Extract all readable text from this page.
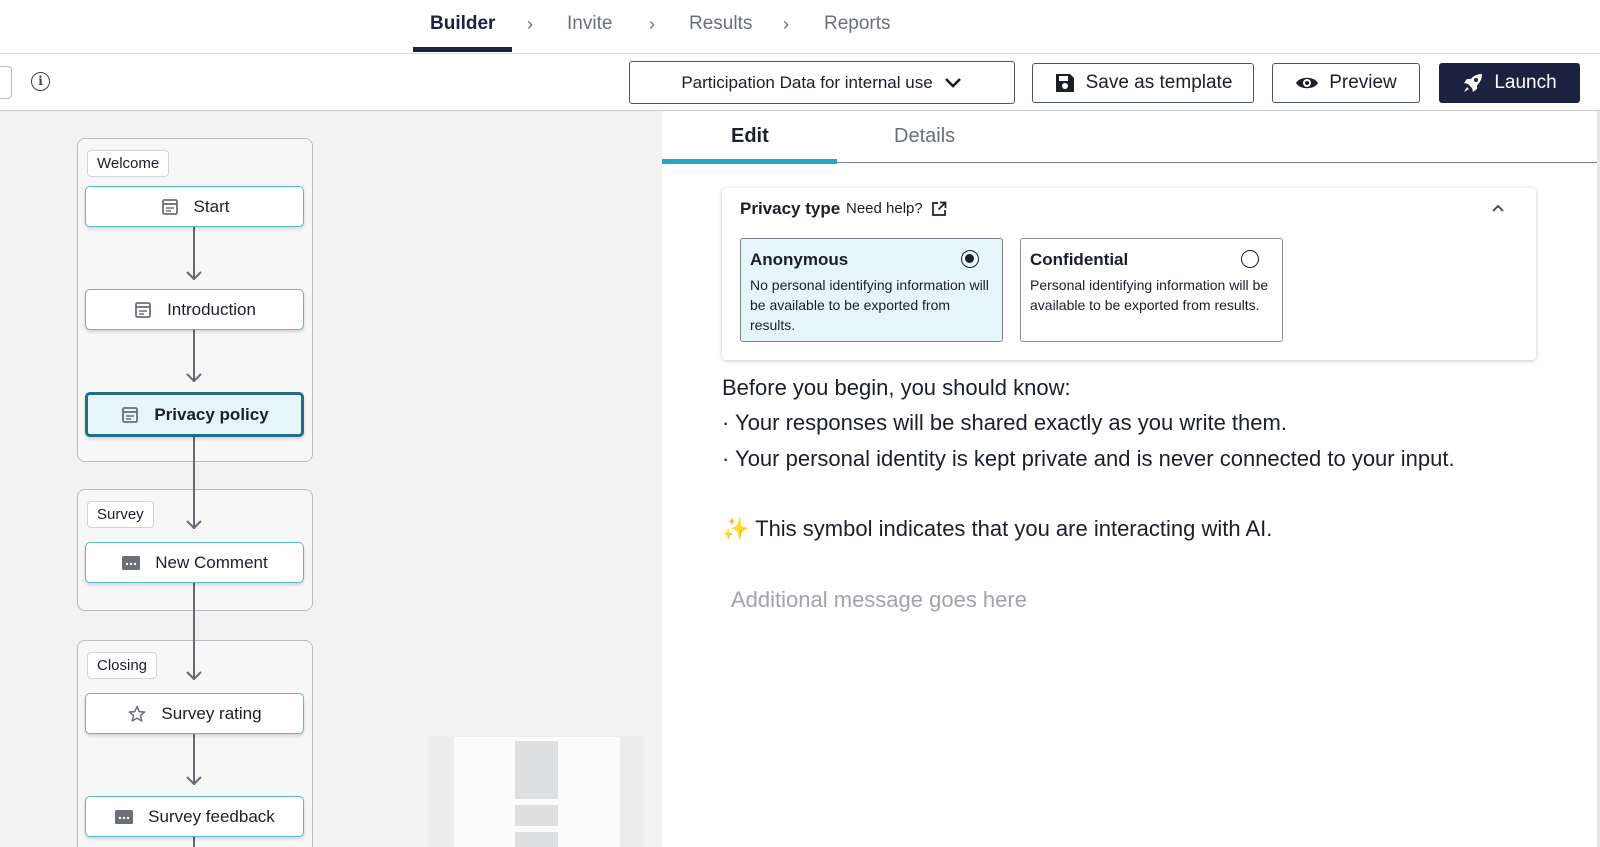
Builder › Invite › Results › Reports
i	Participation Data for internal use	Save as template	Preview	Launch
Welcome
Survey
Closing
Start
Introduction
Privacy policy
New Comment
Survey rating
Survey feedback
Edit	Details
Privacy type Need help?
Anonymous
No personal identifying information will be available to be exported from results.
Confidential
Personal identifying information will be available to be exported from results.
Before you begin, you should know:
· Your responses will be shared exactly as you write them.
· Your personal identity is kept private and is never connected to your input.
✨ This symbol indicates that you are interacting with AI.
Additional message goes here
